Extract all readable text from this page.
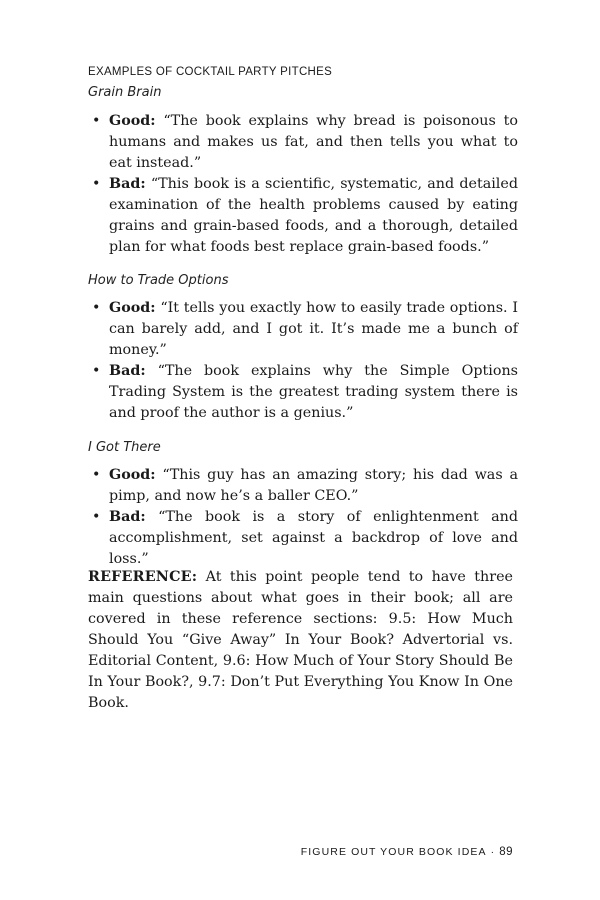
EXAMPLES OF COCKTAIL PARTY PITCHES
Grain Brain
• Good: “The book explains why bread is poisonous to humans and makes us fat, and then tells you what to eat instead.”
• Bad: “This book is a scientific, systematic, and detailed examination of the health problems caused by eating grains and grain-based foods, and a thorough, detailed plan for what foods best replace grain-based foods.”
How to Trade Options
• Good: “It tells you exactly how to easily trade options. I can barely add, and I got it. It’s made me a bunch of money.”
• Bad: “The book explains why the Simple Options Trading System is the greatest trading system there is and proof the author is a genius.”
I Got There
• Good: “This guy has an amazing story; his dad was a pimp, and now he’s a baller CEO.”
• Bad: “The book is a story of enlightenment and accomplishment, set against a backdrop of love and loss.”

REFERENCE: At this point people tend to have three main questions about what goes in their book; all are covered in these reference sections: 9.5: How Much Should You “Give Away” In Your Book? Advertorial vs. Editorial Content, 9.6: How Much of Your Story Should Be In Your Book?, 9.7: Don’t Put Everything You Know In One Book.

FIGURE OUT YOUR BOOK IDEA · 89
